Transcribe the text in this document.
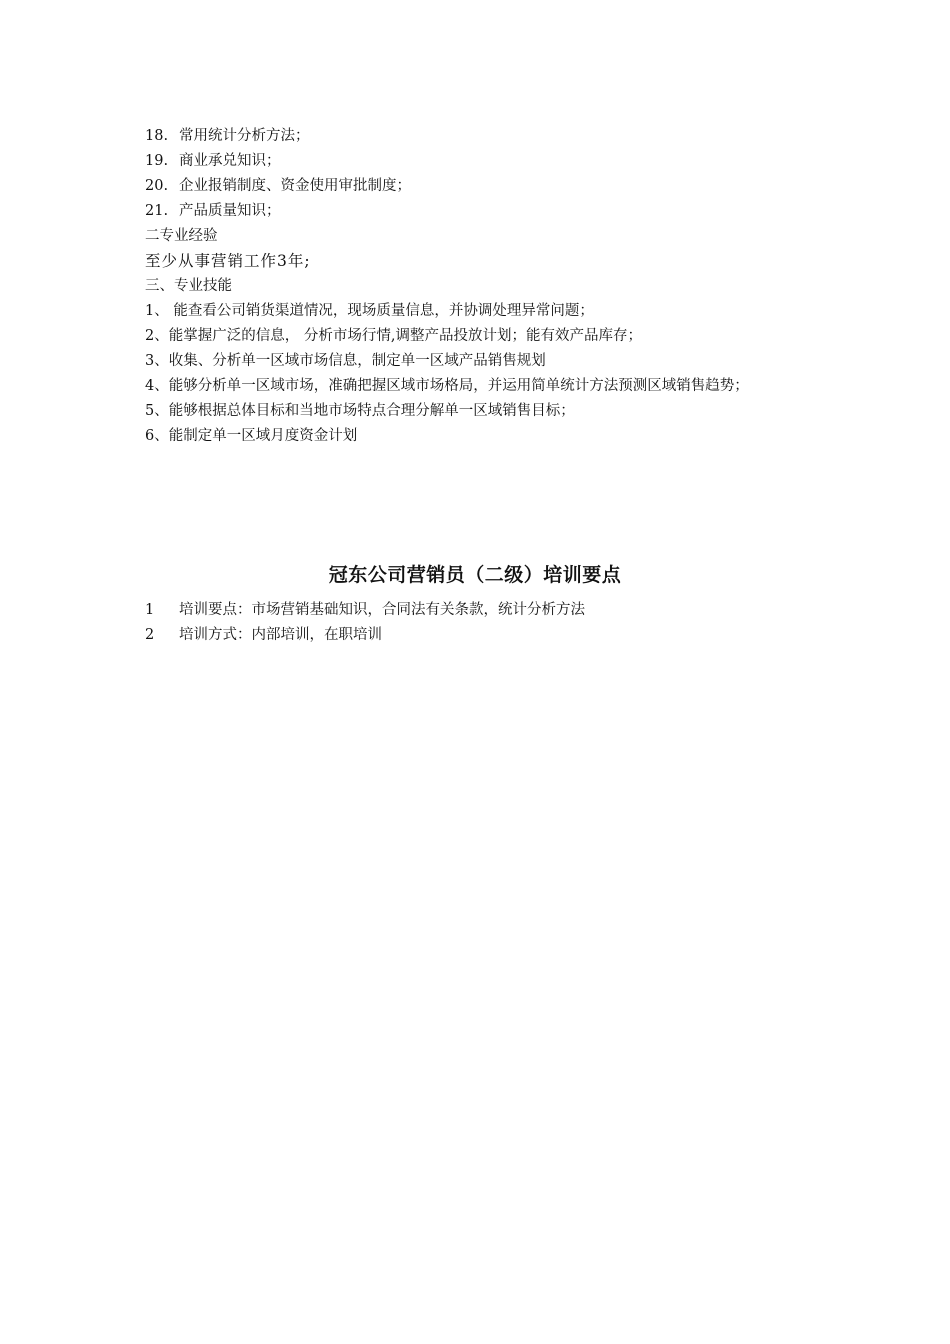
18. 常用统计分析方法；
19. 商业承兑知识；
20. 企业报销制度、资金使用审批制度；
21. 产品质量知识；
二专业经验
至少从事营销工作3年;
三、专业技能
1、 能查看公司销货渠道情况，现场质量信息，并协调处理异常问题；
2、能掌握广泛的信息， 分析市场行情,调整产品投放计划；能有效产品库存；
3、收集、分析单一区域市场信息，制定单一区域产品销售规划
4、能够分析单一区域市场，准确把握区域市场格局，并运用简单统计方法预测区域销售趋势；
5、能够根据总体目标和当地市场特点合理分解单一区域销售目标；
6、能制定单一区域月度资金计划
冠东公司营销员（二级）培训要点
1 培训要点：市场营销基础知识，合同法有关条款，统计分析方法
2 培训方式：内部培训，在职培训
